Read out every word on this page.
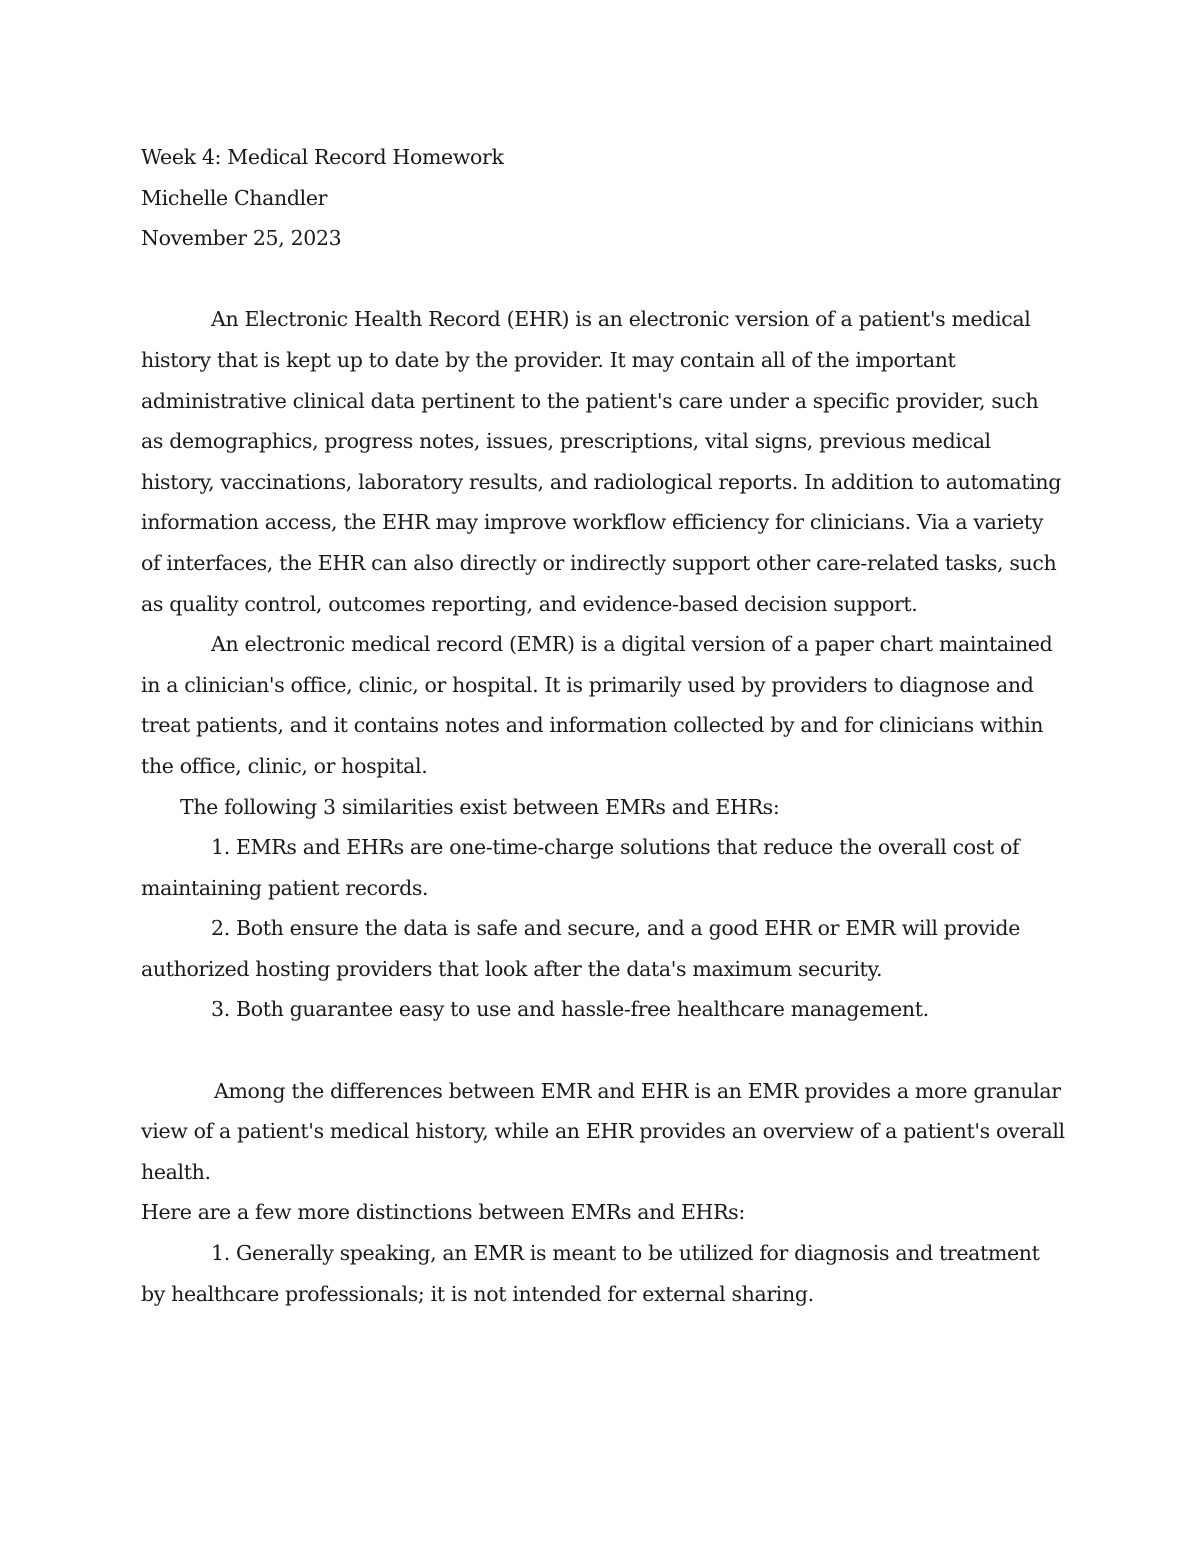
Week 4: Medical Record Homework

Michelle Chandler

November 25, 2023

An Electronic Health Record (EHR) is an electronic version of a patient's medical history that is kept up to date by the provider. It may contain all of the important administrative clinical data pertinent to the patient's care under a specific provider, such as demographics, progress notes, issues, prescriptions, vital signs, previous medical history, vaccinations, laboratory results, and radiological reports. In addition to automating information access, the EHR may improve workflow efficiency for clinicians. Via a variety of interfaces, the EHR can also directly or indirectly support other care-related tasks, such as quality control, outcomes reporting, and evidence-based decision support.

An electronic medical record (EMR) is a digital version of a paper chart maintained in a clinician's office, clinic, or hospital. It is primarily used by providers to diagnose and treat patients, and it contains notes and information collected by and for clinicians within the office, clinic, or hospital.

The following 3 similarities exist between EMRs and EHRs:

1. EMRs and EHRs are one-time-charge solutions that reduce the overall cost of maintaining patient records.

2. Both ensure the data is safe and secure, and a good EHR or EMR will provide authorized hosting providers that look after the data's maximum security.

3. Both guarantee easy to use and hassle-free healthcare management.

Among the differences between EMR and EHR is an EMR provides a more granular view of a patient's medical history, while an EHR provides an overview of a patient's overall health.

Here are a few more distinctions between EMRs and EHRs:

1. Generally speaking, an EMR is meant to be utilized for diagnosis and treatment by healthcare professionals; it is not intended for external sharing.
